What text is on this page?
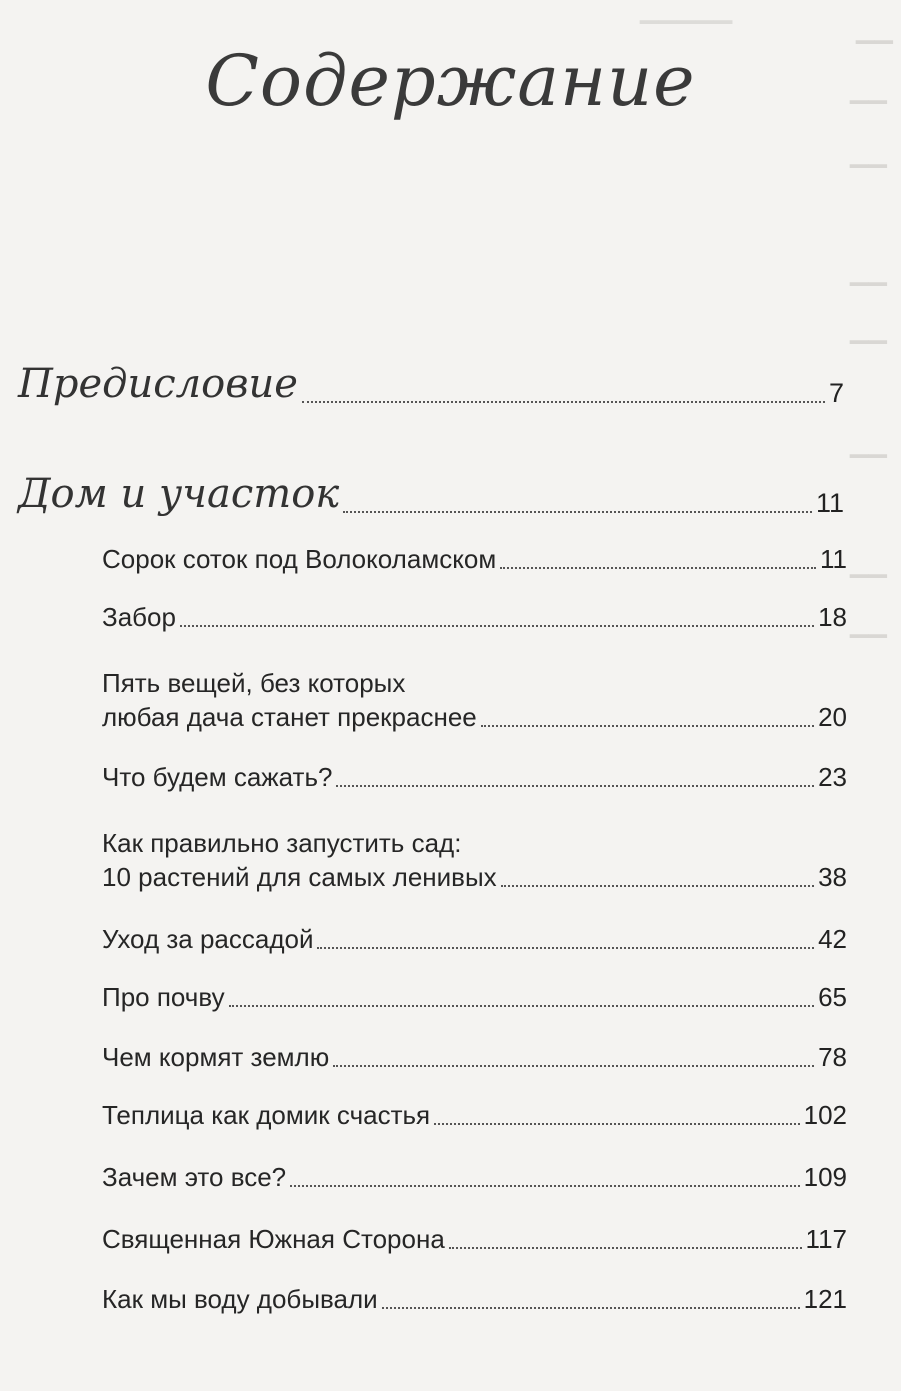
▁▁▁▁▁
▁▁
▁▁
▁▁
▁▁
▁▁
▁▁
▁▁
▁▁
Содержание
Предисловие	7
Дом и участок	11
Сорок соток под Волоколамском	11
Забор	18
Пять вещей, без которых
любая дача станет прекраснее	20
Что будем сажать?	23
Как правильно запустить сад:
10 растений для самых ленивых	38
Уход за рассадой	42
Про почву	65
Чем кормят землю	78
Теплица как домик счастья	102
Зачем это все?	109
Священная Южная Сторона	117
Как мы воду добывали	121
